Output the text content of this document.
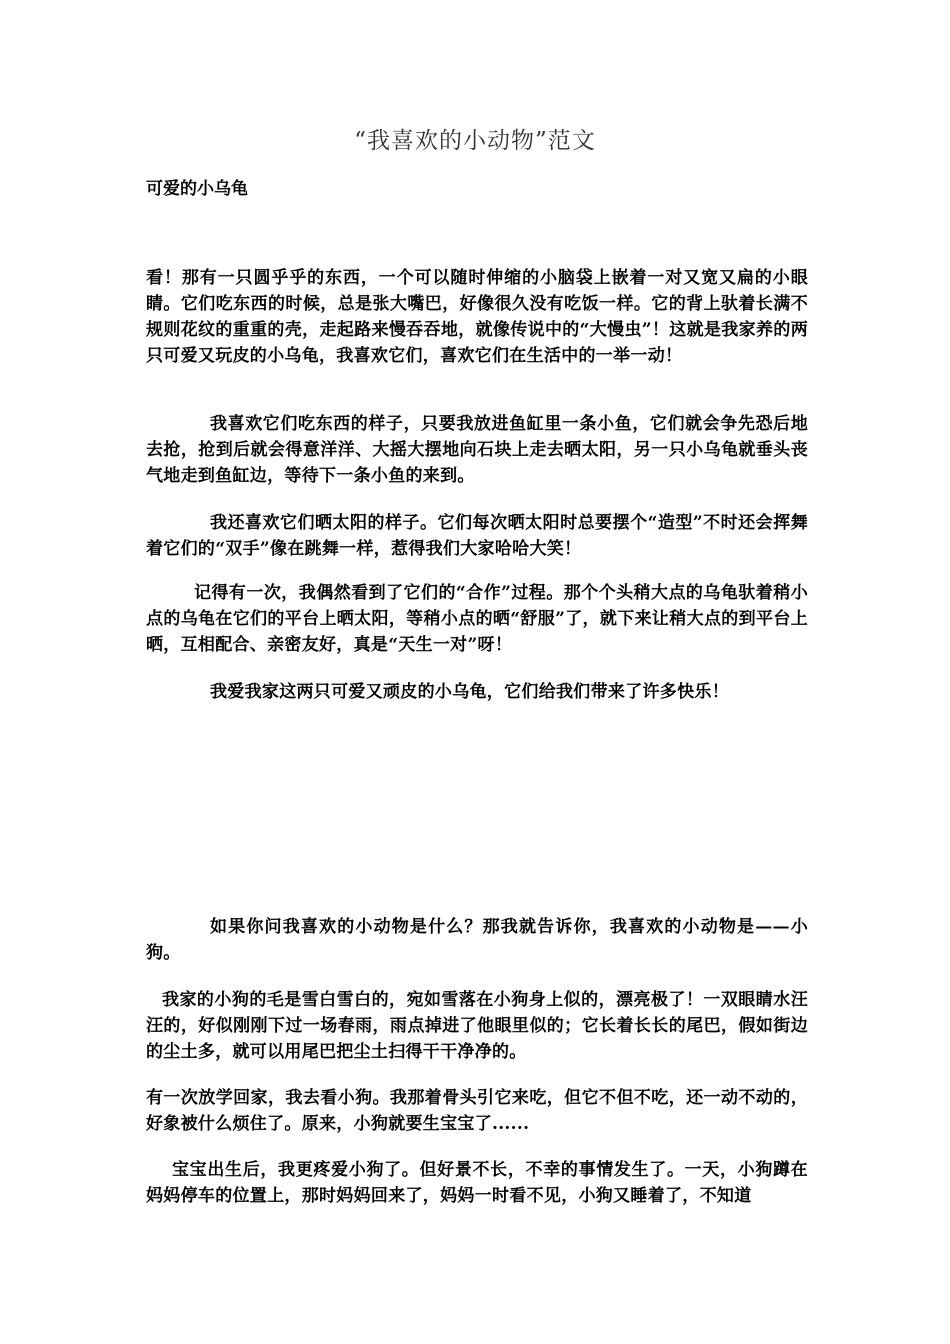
“我喜欢的小动物”范文
可爱的小乌龟
看！那有一只圆乎乎的东西，一个可以随时伸缩的小脑袋上嵌着一对又宽又扁的小眼睛。它们吃东西的时候，总是张大嘴巴，好像很久没有吃饭一样。它的背上驮着长满不规则花纹的重重的壳，走起路来慢吞吞地，就像传说中的“大慢虫”！这就是我家养的两只可爱又玩皮的小乌龟，我喜欢它们，喜欢它们在生活中的一举一动！
我喜欢它们吃东西的样子，只要我放进鱼缸里一条小鱼，它们就会争先恐后地去抢，抢到后就会得意洋洋、大摇大摆地向石块上走去晒太阳，另一只小乌龟就垂头丧气地走到鱼缸边，等待下一条小鱼的来到。
我还喜欢它们晒太阳的样子。它们每次晒太阳时总要摆个“造型”不时还会挥舞着它们的“双手”像在跳舞一样，惹得我们大家哈哈大笑！
记得有一次，我偶然看到了它们的“合作”过程。那个个头稍大点的乌龟驮着稍小点的乌龟在它们的平台上晒太阳，等稍小点的晒“舒服”了，就下来让稍大点的到平台上晒，互相配合、亲密友好，真是“天生一对”呀！
我爱我家这两只可爱又顽皮的小乌龟，它们给我们带来了许多快乐！
如果你问我喜欢的小动物是什么？那我就告诉你，我喜欢的小动物是——小狗。
我家的小狗的毛是雪白雪白的，宛如雪落在小狗身上似的，漂亮极了！一双眼睛水汪汪的，好似刚刚下过一场春雨，雨点掉进了他眼里似的；它长着长长的尾巴，假如街边的尘土多，就可以用尾巴把尘土扫得干干净净的。
有一次放学回家，我去看小狗。我那着骨头引它来吃，但它不但不吃，还一动不动的，好象被什么烦住了。原来，小狗就要生宝宝了......
宝宝出生后，我更疼爱小狗了。但好景不长，不幸的事情发生了。一天，小狗蹲在妈妈停车的位置上，那时妈妈回来了，妈妈一时看不见，小狗又睡着了，不知道
